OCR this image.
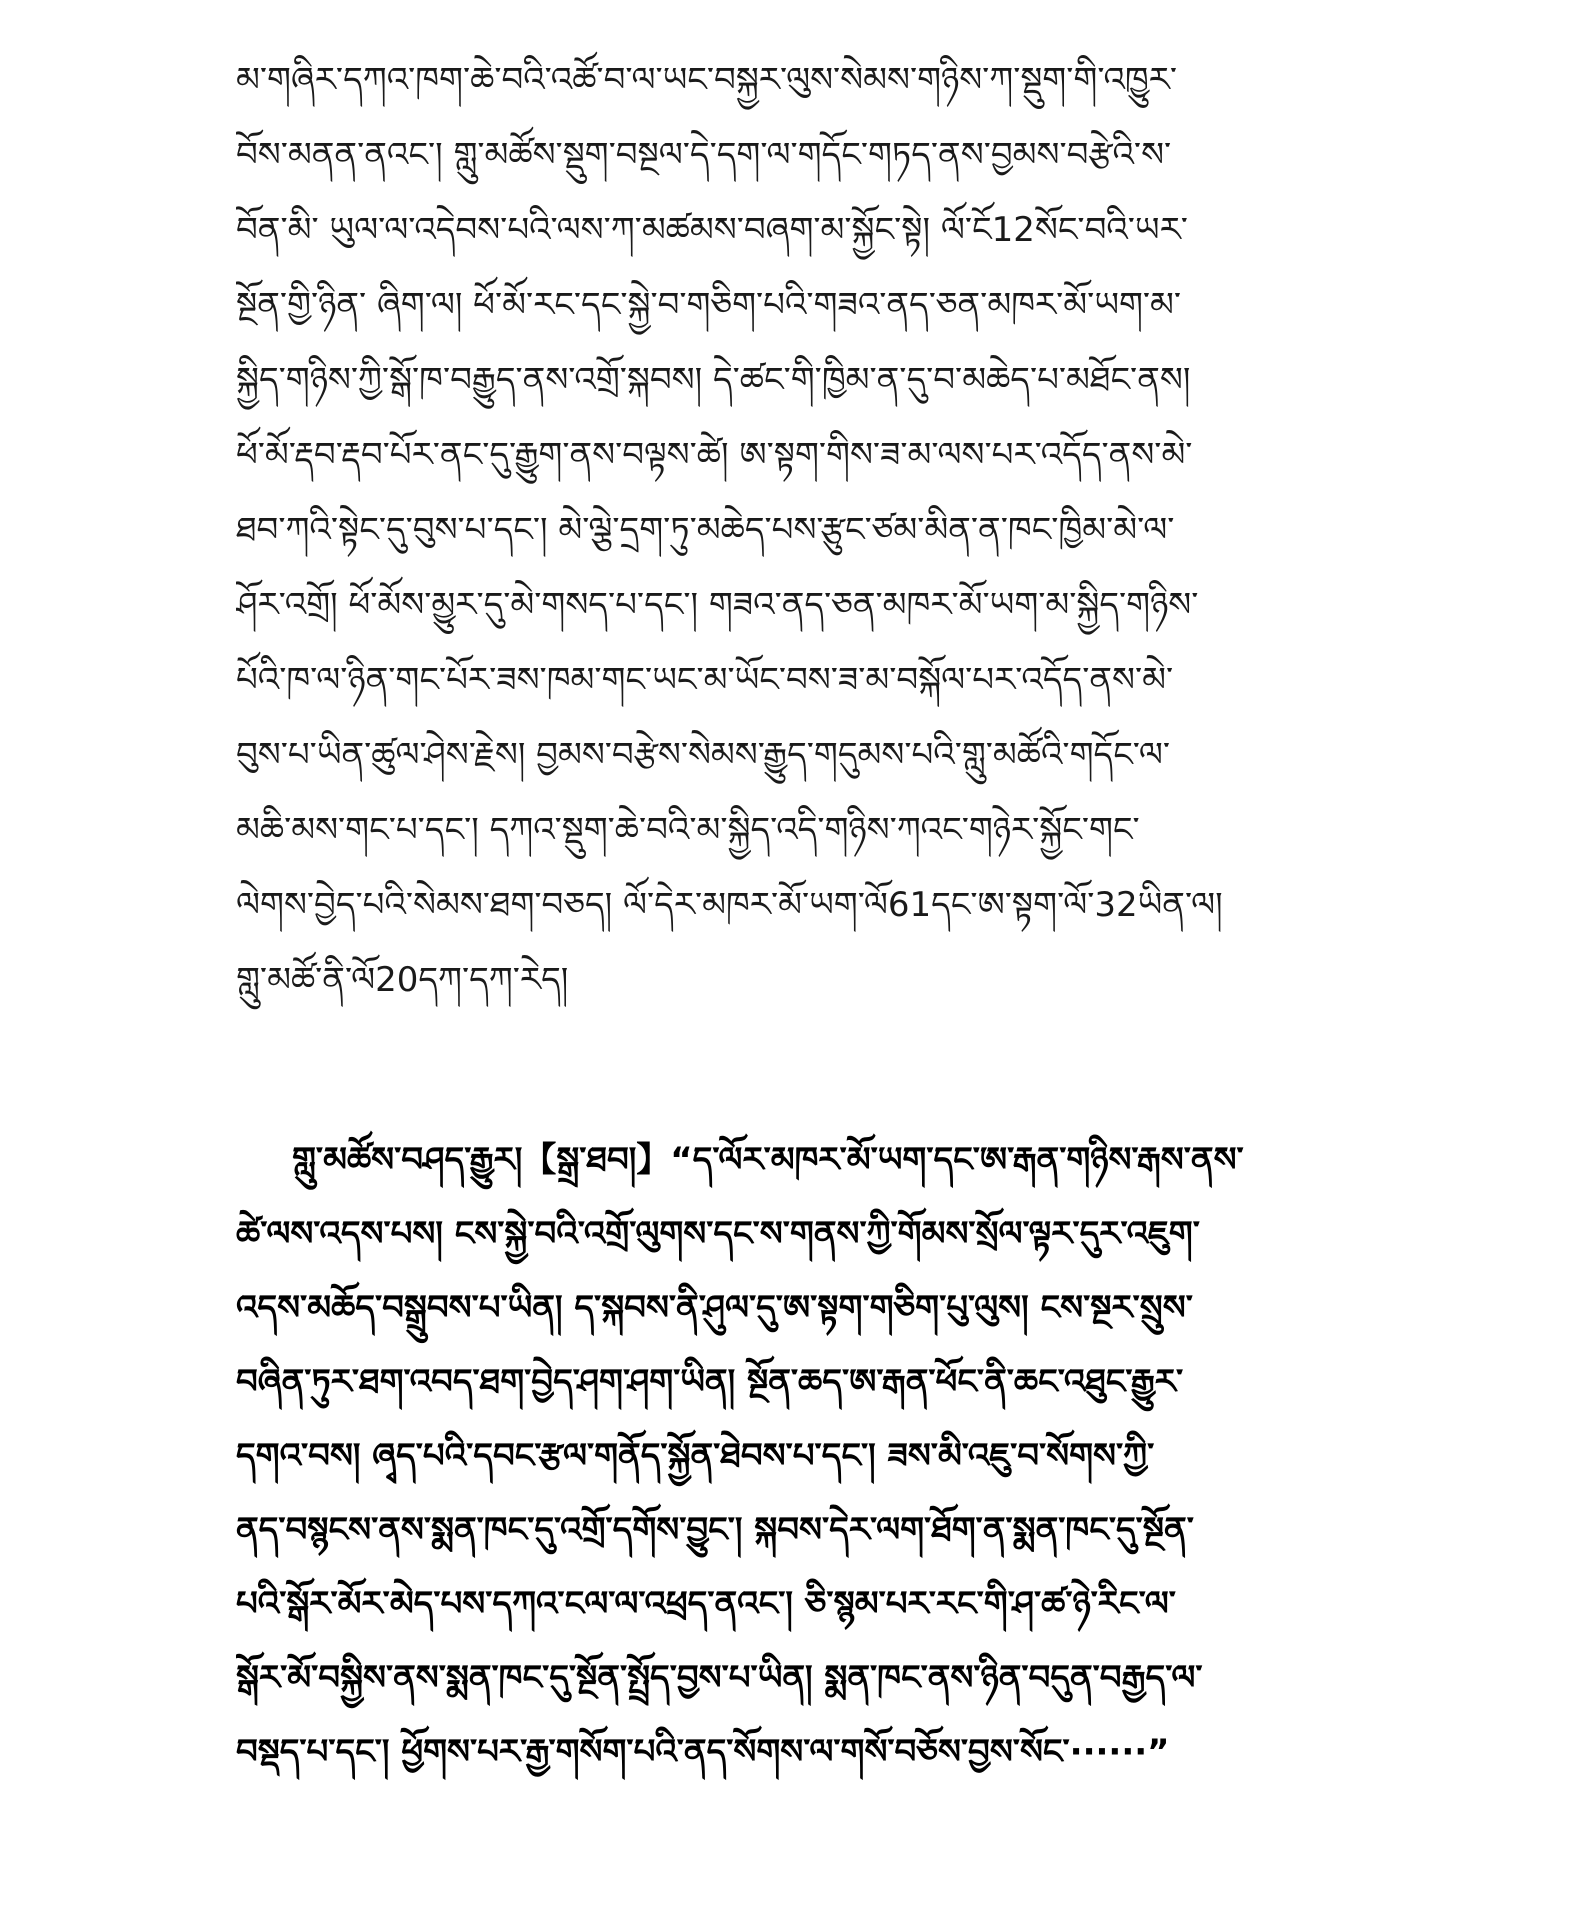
མ་གཞིར་དཀའ་ཁག་ཆེ་བའི་འཚོ་བ་ལ་ཡང་བསྐྱར་ལུས་སེམས་གཉིས་ཀ་སྡུག་གི་འཁྱུར་
བོས་མནན་ནའང་། གླུ་མཚོས་སྡུག་བསྔལ་དེ་དག་ལ་གདོང་གཏད་ནས་བྱམས་བརྩེའི་ས་
བོན་མི་ ཡུལ་ལ་འདེབས་པའི་ལས་ཀ་མཚམས་བཞག་མ་སྐྱོང་སྟེ། ལོ་ངོ12སོང་བའི་ཡར་
སྔོན་གྱི་ཉིན་ ཞིག་ལ། ཕོ་མོ་རང་དང་སྐྱེ་བ་གཅིག་པའི་གཟའ་ནད་ཅན་མཁར་མོ་ཡག་མ་
སྐྱིད་གཉིས་ཀྱི་སྒོ་ཁ་བརྒྱུད་ནས་འགྲོ་སྐབས། དེ་ཚང་གི་ཁྱིམ་ན་དུ་བ་མཆེད་པ་མཐོང་ནས།
ཕོ་མོ་རྡབ་རྡབ་པོར་ནང་དུ་རྒྱུག་ནས་བལྟས་ཚེ། ཨ་སྟག་གིས་ཟ་མ་ལས་པར་འདོད་ནས་མེ་
ཐབ་ཀའི་སྟེང་དུ་བུས་པ་དང་། མེ་ལྕེ་དྲག་ཏུ་མཆེད་པས་རྩུང་ཙམ་མིན་ན་ཁང་ཁྱིམ་མེ་ལ་
ཤོར་འགྲོ། ཕོ་མོས་མྱུར་དུ་མེ་གསད་པ་དང་། གཟའ་ནད་ཅན་མཁར་མོ་ཡག་མ་སྐྱིད་གཉིས་
པོའི་ཁ་ལ་ཉིན་གང་པོར་ཟས་ཁམ་གང་ཡང་མ་ཡོང་བས་ཟ་མ་བསྐོལ་པར་འདོད་ནས་མེ་
བུས་པ་ཡིན་ཚུལ་ཤེས་རྗེས། བྱམས་བརྩེས་སེམས་རྒྱུད་གདུམས་པའི་གླུ་མཚོའི་གདོང་ལ་
མཆི་མས་གང་པ་དང་། དཀའ་སྡུག་ཆེ་བའི་མ་སྐྱིད་འདི་གཉིས་ཀའང་གཉེར་སྐྱོང་གང་
ལེགས་བྱེད་པའི་སེམས་ཐག་བཅད། ལོ་དེར་མཁར་མོ་ཡག་ལོ61དང་ཨ་སྟག་ལོ་32ཡིན་ལ།
གླུ་མཚོ་ནི་ལོ20དཀ་དཀ་རེད།
གླུ་མཚོས་བཤད་རྒྱུར།【སྒྲ་ཐབ།】“ད་ལོར་མཁར་མོ་ཡག་དང་ཨ་རྒན་གཉིས་རྒས་ནས་
ཚེ་ལས་འདས་པས། ངས་སྐྱེ་བའི་འགྲོ་ལུགས་དང་ས་གནས་ཀྱི་གོམས་སྲོལ་ལྟར་དུར་འཇུག་
འདས་མཆོད་བསྒྲུབས་པ་ཡིན། ད་སྐབས་ནི་ཤུལ་དུ་ཨ་སྟག་གཅིག་པུ་ལུས། ངས་སྔར་སྲུས་
བཞིན་ཏུར་ཐག་འབད་ཐག་བྱེད་ཤག་ཤག་ཡིན། སྔོན་ཆད་ཨ་རྒན་ཕོང་ནི་ཆང་འཐུང་རྒྱུར་
དགའ་བས། ཞྭད་པའི་དབང་རྩལ་གནོད་སྐྱོན་ཐེབས་པ་དང་། ཟས་མི་འཇུ་བ་སོགས་ཀྱི་
ནད་བསྙངས་ནས་སྨན་ཁང་དུ་འགྲོ་དགོས་བྱུང་། སྐབས་དེར་ལག་ཐོག་ན་སྨན་ཁང་དུ་སྔོན་
པའི་སྒོར་མོར་མེད་པས་དཀའ་ངལ་ལ་འཕྲད་ནའང་། ཅི་སྙམ་པར་རང་གི་ཤ་ཚ་ཉེ་རིང་ལ་
སྒོར་མོ་བསྐྱིས་ནས་སྨན་ཁང་དུ་སྔོན་སྤྲོད་བྱས་པ་ཡིན། སྨན་ཁང་ནས་ཉིན་བདུན་བརྒྱད་ལ་
བསྡད་པ་དང་། ཕྱོགས་པར་རྒྱ་གསོག་པའི་ནད་སོགས་ལ་གསོ་བཅོས་བྱས་སོང་······”
